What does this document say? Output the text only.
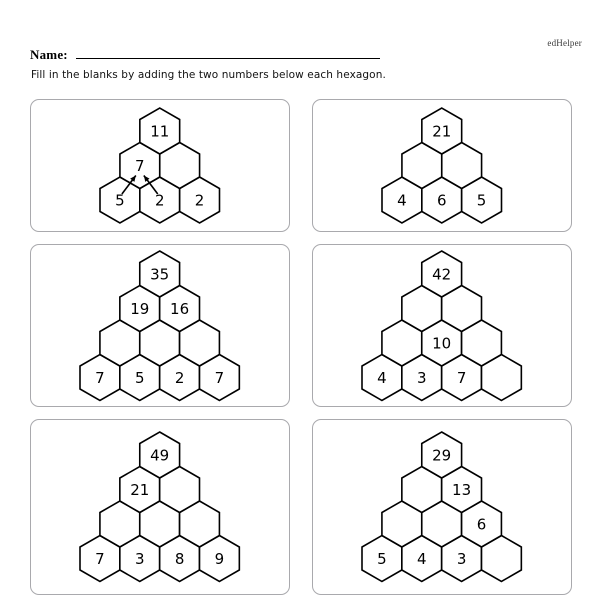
edHelper
Name:
Fill in the blanks by adding the two numbers below each hexagon.
11
7
5 2 2
21
4 6 5
35
19 16
7 5 2 7
42
10
4 3 7
49
21
7 3 8 9
29
13
6
5 4 3
